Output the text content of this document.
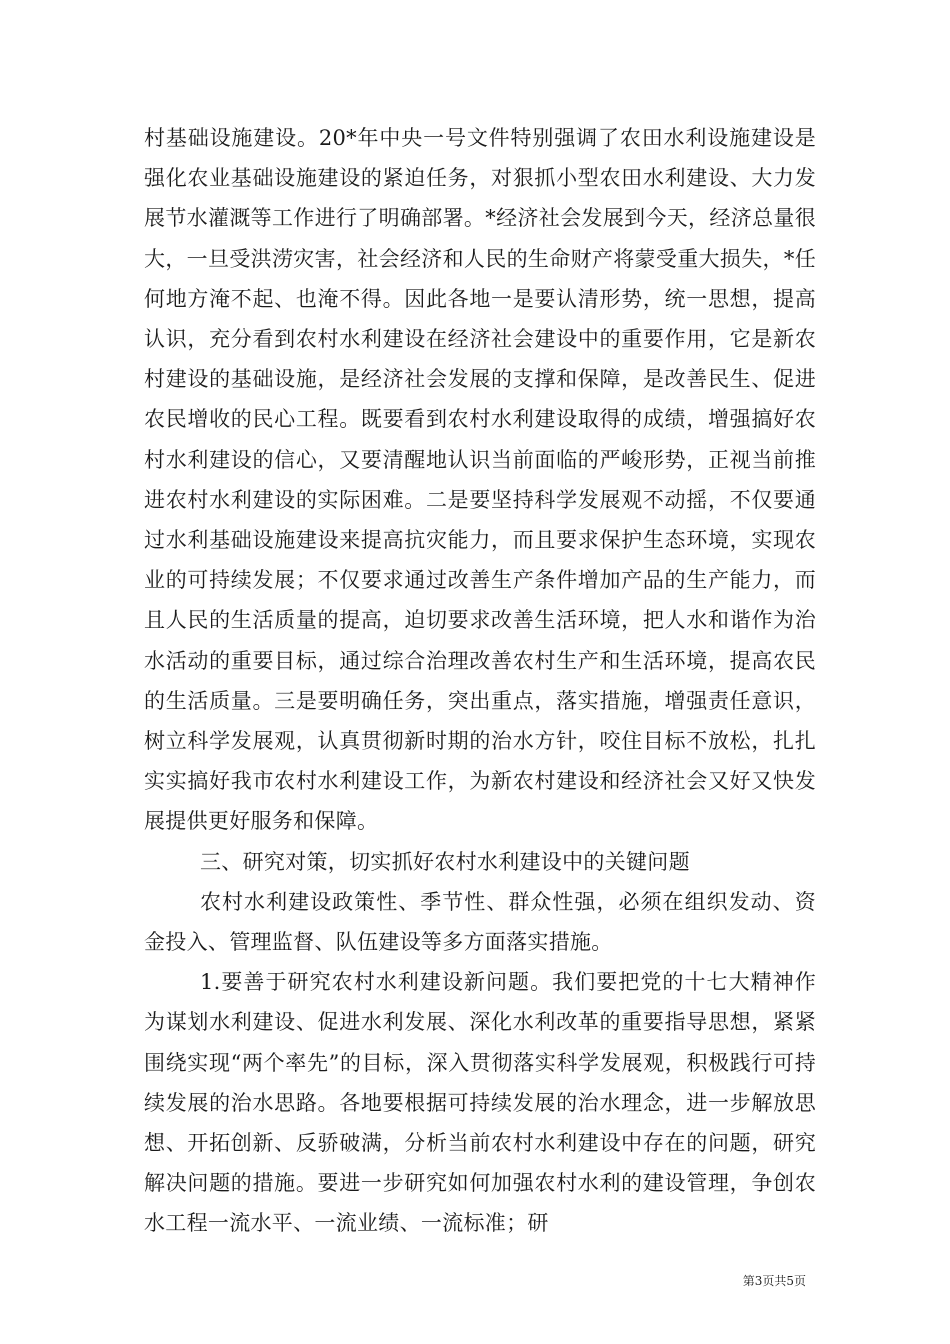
村基础设施建设。20*年中央一号文件特别强调了农田水利设施建设是强化农业基础设施建设的紧迫任务，对狠抓小型农田水利建设、大力发展节水灌溉等工作进行了明确部署。*经济社会发展到今天，经济总量很大，一旦受洪涝灾害，社会经济和人民的生命财产将蒙受重大损失，*任何地方淹不起、也淹不得。因此各地一是要认清形势，统一思想，提高认识，充分看到农村水利建设在经济社会建设中的重要作用，它是新农村建设的基础设施，是经济社会发展的支撑和保障，是改善民生、促进农民增收的民心工程。既要看到农村水利建设取得的成绩，增强搞好农村水利建设的信心，又要清醒地认识当前面临的严峻形势，正视当前推进农村水利建设的实际困难。二是要坚持科学发展观不动摇，不仅要通过水利基础设施建设来提高抗灾能力，而且要求保护生态环境，实现农业的可持续发展；不仅要求通过改善生产条件增加产品的生产能力，而且人民的生活质量的提高，迫切要求改善生活环境，把人水和谐作为治水活动的重要目标，通过综合治理改善农村生产和生活环境，提高农民的生活质量。三是要明确任务，突出重点，落实措施，增强责任意识，树立科学发展观，认真贯彻新时期的治水方针，咬住目标不放松，扎扎实实搞好我市农村水利建设工作，为新农村建设和经济社会又好又快发展提供更好服务和保障。

三、研究对策，切实抓好农村水利建设中的关键问题

农村水利建设政策性、季节性、群众性强，必须在组织发动、资金投入、管理监督、队伍建设等多方面落实措施。

1.要善于研究农村水利建设新问题。我们要把党的十七大精神作为谋划水利建设、促进水利发展、深化水利改革的重要指导思想，紧紧围绕实现“两个率先”的目标，深入贯彻落实科学发展观，积极践行可持续发展的治水思路。各地要根据可持续发展的治水理念，进一步解放思想、开拓创新、反骄破满，分析当前农村水利建设中存在的问题，研究解决问题的措施。要进一步研究如何加强农村水利的建设管理，争创农水工程一流水平、一流业绩、一流标准；研

第3页共5页
